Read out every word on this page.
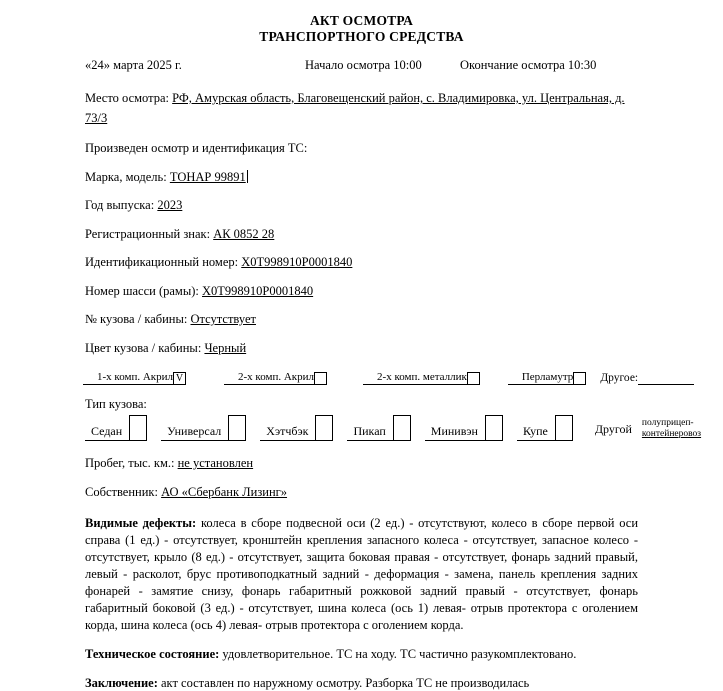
АКТ ОСМОТРА
ТРАНСПОРТНОГО СРЕДСТВА
«24» марта 2025 г.	Начало осмотра 10:00	Окончание осмотра 10:30

Место осмотра: РФ, Амурская область, Благовещенский район, с. Владимировка, ул. Центральная, д. 73/3

Произведен осмотр и идентификация ТС:

Марка, модель: ТОНАР 99891

Год выпуска: 2023

Регистрационный знак: АК 0852 28

Идентификационный номер: X0T998910P0001840

Номер шасси (рамы): X0T998910P0001840

№ кузова / кабины: Отсутствует

Цвет кузова / кабины: Черный

1-х комп. Акрил V	2-х комп. Акрил	2-х комп. металлик	Перламутр Другое:

Тип кузова:

Седан	Универсал	Хэтчбэк	Пикап	Минивэн	Купе	Другой полуприцеп-
контейнеровоз

Пробег, тыс. км.: не установлен

Собственник: АО «Сбербанк Лизинг»

Видимые дефекты: колеса в сборе подвесной оси (2 ед.) - отсутствуют, колесо в сборе первой оси справа (1 ед.) - отсутствует, кронштейн крепления запасного колеса - отсутствует, запасное колесо - отсутствует, крыло (8 ед.) - отсутствует, защита боковая правая - отсутствует, фонарь задний правый, левый - расколот, брус противоподкатный задний - деформация - замена, панель крепления задних фонарей - замятие снизу, фонарь габаритный рожковой задний правый - отсутствует, фонарь габаритный боковой (3 ед.) - отсутствует, шина колеса (ось 1) левая- отрыв протектора с оголением корда, шина колеса (ось 4) левая- отрыв протектора с оголением корда.

Техническое состояние: удовлетворительное. ТС на ходу. ТС частично разукомплектовано.

Заключение: акт составлен по наружному осмотру. Разборка ТС не производилась
